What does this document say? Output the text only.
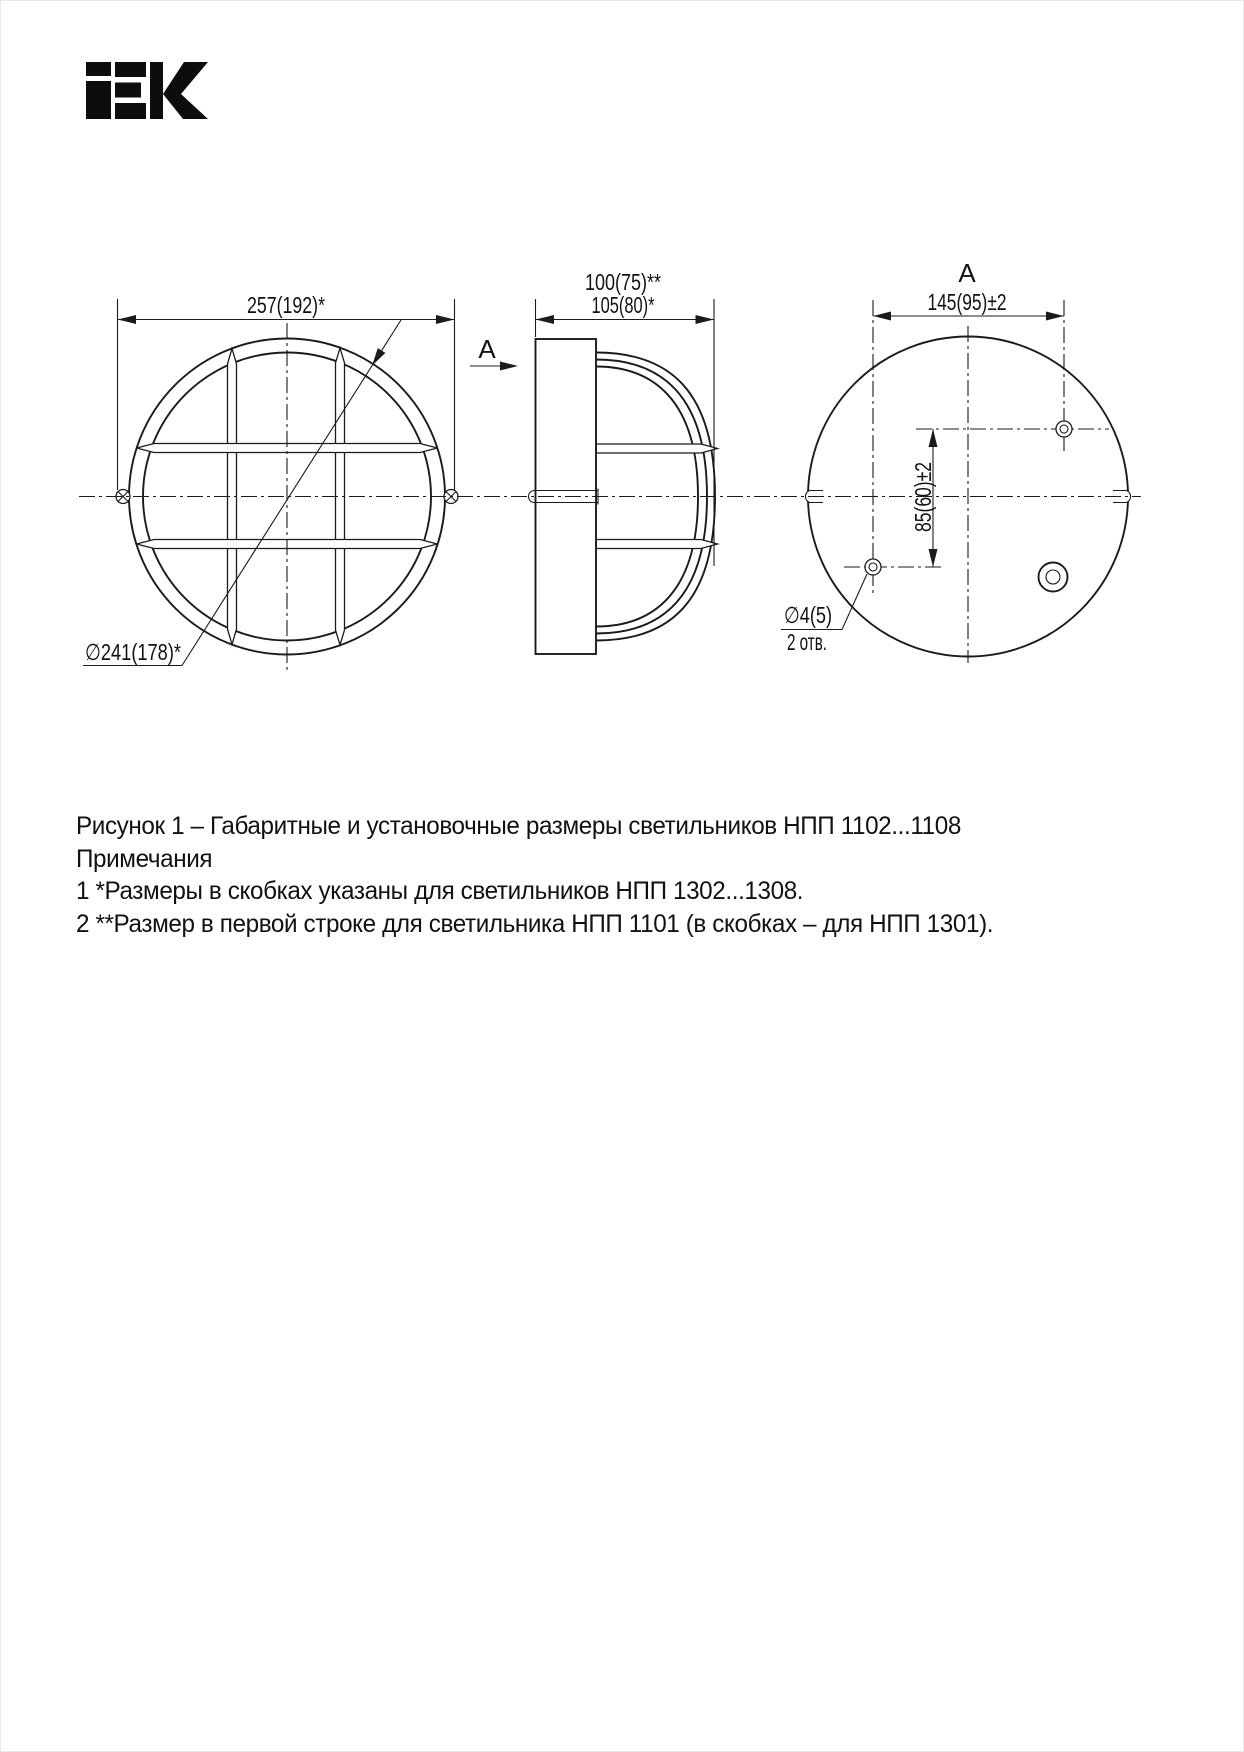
257(192)*
∅241(178)*
100(75)**
105(80)*
A
145(95)±2
A
85(60)±2
∅4(5)
2 отв.
Рисунок 1 – Габаритные и установочные размеры светильников НПП 1102...1108
Примечания
1 *Размеры в скобках указаны для светильников НПП 1302...1308.
2 **Размер в первой строке для светильника НПП 1101 (в скобках – для НПП 1301).
